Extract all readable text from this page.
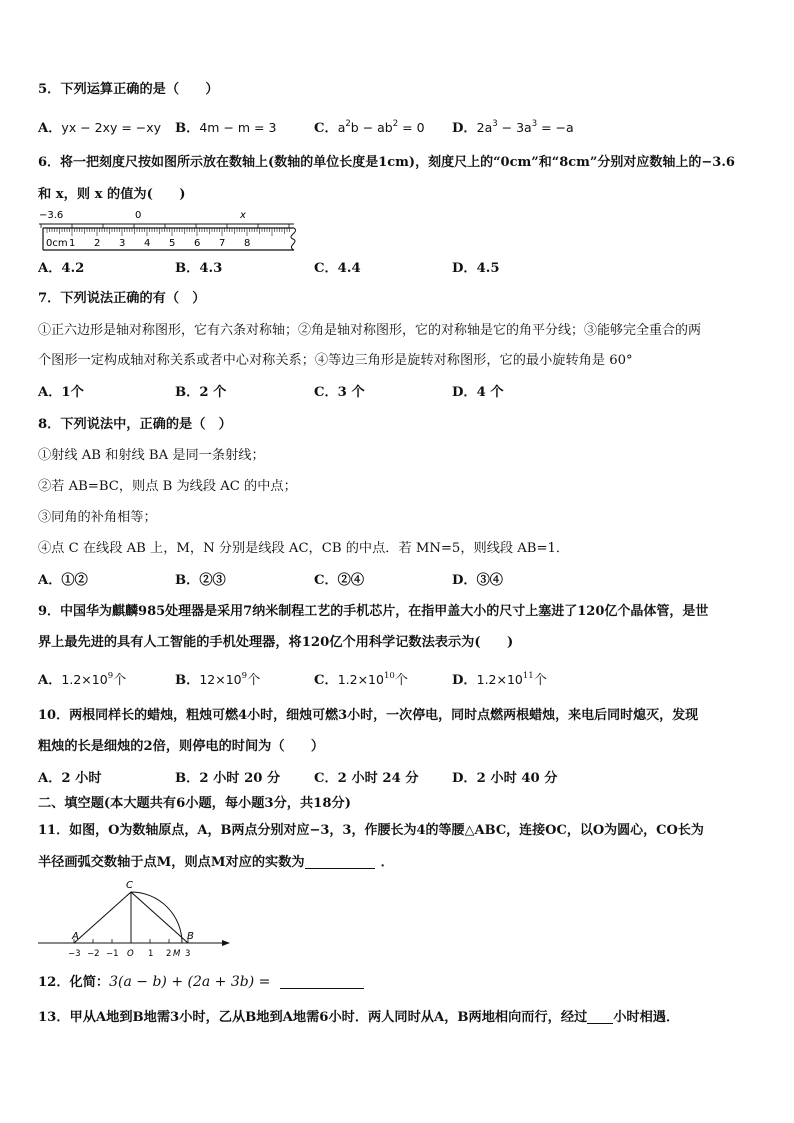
5．下列运算正确的是（　　）
A．yx − 2xy = −xy B．4m − m = 3	C．$a^2b - ab^2 = 0$ D．$2a^3 - 3a^3 = -a$
6．将一把刻度尺按如图所示放在数轴上(数轴的单位长度是1cm)，刻度尺上的“0cm”和“8cm”分别对应数轴上的−3.6
和 x，则 x 的值为(　　)
−3.6	0	x
0cm 1 2 3 4 5 6 7 8
A．4.2	B．4.3	C．4.4	D．4.5
7．下列说法正确的有（　）
①正六边形是轴对称图形，它有六条对称轴；②角是轴对称图形，它的对称轴是它的角平分线；③能够完全重合的两
个图形一定构成轴对称关系或者中心对称关系；④等边三角形是旋转对称图形，它的最小旋转角是 60°
A．1个	B．2 个	C．3 个	D．4 个
8．下列说法中，正确的是（　）
①射线 AB 和射线 BA 是同一条射线；
②若 AB=BC，则点 B 为线段 AC 的中点；
③同角的补角相等；
④点 C 在线段 AB 上，M，N 分别是线段 AC，CB 的中点．若 MN=5，则线段 AB=1．
A．①②	B．②③	C．②④	D．③④
9．中国华为麒麟985处理器是采用7纳米制程工艺的手机芯片，在指甲盖大小的尺寸上塞进了120亿个晶体管，是世
界上最先进的具有人工智能的手机处理器，将120亿个用科学记数法表示为(　　)
A．$1.2\times 10^9$个	B．$12\times 10^9$个	C．$1.2\times 10^{10}$个	D．$1.2\times 10^{11}$个
10．两根同样长的蜡烛，粗烛可燃4小时，细烛可燃3小时，一次停电，同时点燃两根蜡烛，来电后同时熄灭，发现
粗烛的长是细烛的2倍，则停电的时间为（　　）
A．2 小时	B．2 小时 20 分	C．2 小时 24 分	D．2 小时 40 分
二、填空题(本大题共有6小题，每小题3分，共18分)
11．如图，O为数轴原点，A，B两点分别对应−3，3，作腰长为4的等腰△ABC，连接OC，以O为圆心，CO长为
半径画弧交数轴于点M，则点M对应的实数为	．
C
A	B
−3 −2 −1 O 1 2 M 3
12．化简：3(a − b) + (2a + 3b) =
13．甲从A地到B地需3小时，乙从B地到A地需6小时．两人同时从A，B两地相向而行，经过 小时相遇．
